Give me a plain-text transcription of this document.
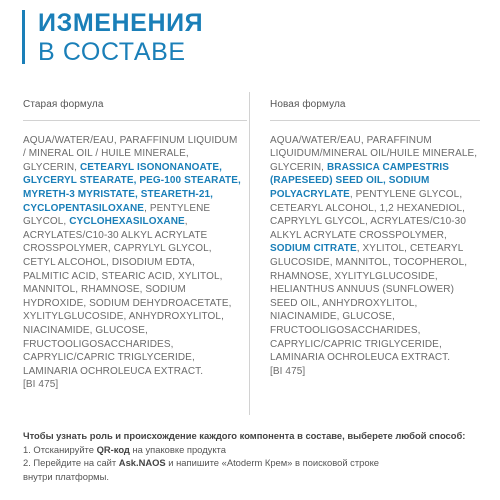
ИЗМЕНЕНИЯ
В СОСТАВЕ
Старая формула
AQUA/WATER/EAU, PARAFFINUM LIQUIDUM / MINERAL OIL / HUILE MINERALE, GLYCERIN, CETEARYL ISONONANOATE, GLYCERYL STEARATE, PEG-100 STEARATE, MYRETH-3 MYRISTATE, STEARETH-21, CYCLOPENTASILOXANE, PENTYLENE GLYCOL, CYCLOHEXASILOXANE, ACRYLATES/C10-30 ALKYL ACRYLATE CROSSPOLYMER, CAPRYLYL GLYCOL, CETYL ALCOHOL, DISODIUM EDTA, PALMITIC ACID, STEARIC ACID, XYLITOL, MANNITOL, RHAMNOSE, SODIUM HYDROXIDE, SODIUM DEHYDROACETATE, XYLITYLGLUCOSIDE, ANHYDROXYLITOL, NIACINAMIDE, GLUCOSE, FRUCTOOLIGOSACCHARIDES, CAPRYLIC/CAPRIC TRIGLYCERIDE, LAMINARIA OCHROLEUCA EXTRACT.
[BI 475]
Новая формула
AQUA/WATER/EAU, PARAFFINUM LIQUIDUM/MINERAL OIL/HUILE MINERALE, GLYCERIN, BRASSICA CAMPESTRIS (RAPESEED) SEED OIL, SODIUM POLYACRYLATE, PENTYLENE GLYCOL, CETEARYL ALCOHOL, 1,2 HEXANEDIOL, CAPRYLYL GLYCOL, ACRYLATES/C10-30 ALKYL ACRYLATE CROSSPOLYMER, SODIUM CITRATE, XYLITOL, CETEARYL GLUCOSIDE, MANNITOL, TOCOPHEROL, RHAMNOSE, XYLITYLGLUCOSIDE, HELIANTHUS ANNUUS (SUNFLOWER) SEED OIL, ANHYDROXYLITOL, NIACINAMIDE, GLUCOSE, FRUCTOOLIGOSACCHARIDES, CAPRYLIC/CAPRIC TRIGLYCERIDE, LAMINARIA OCHROLEUCA EXTRACT.
[BI 475]
Чтобы узнать роль и происхождение каждого компонента в составе, выберете любой способ:
1. Отсканируйте QR-код на упаковке продукта
2. Перейдите на сайт Ask.NAOS и напишите «Atoderm Крем» в поисковой строке
внутри платформы.
